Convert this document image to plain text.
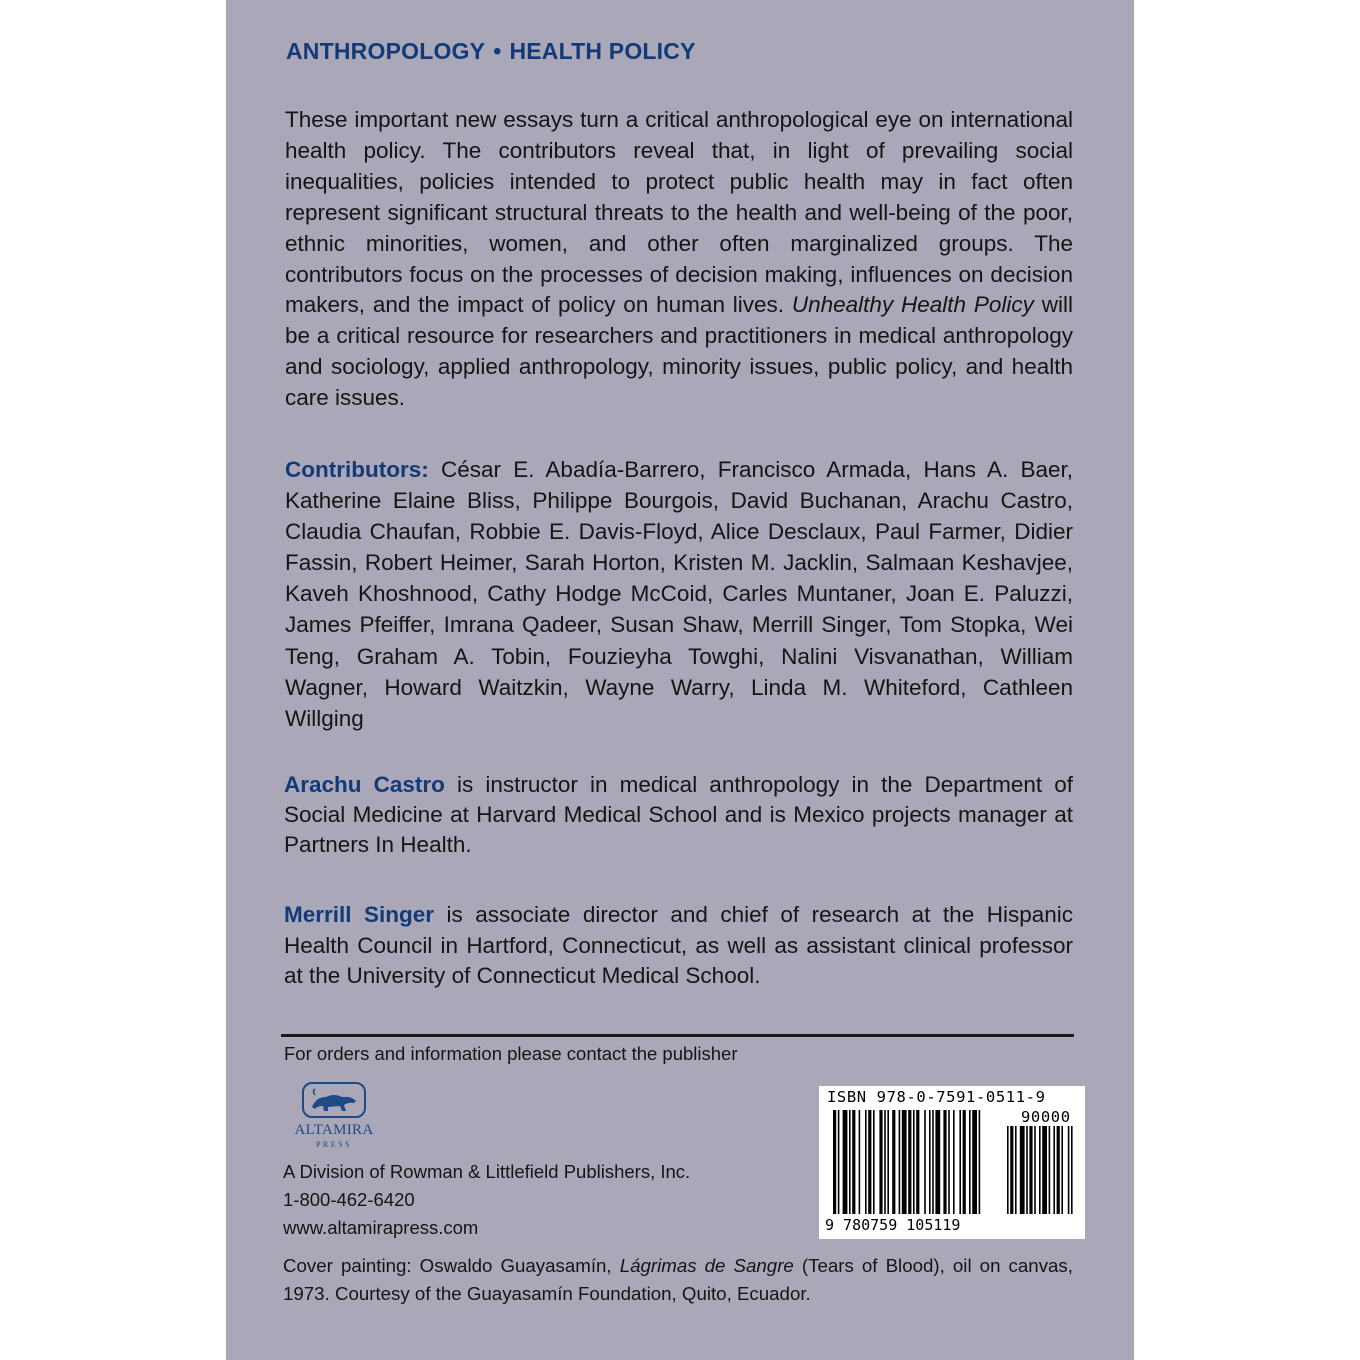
ANTHROPOLOGY • HEALTH POLICY
These important new essays turn a critical anthropological eye on international health policy. The contributors reveal that, in light of prevailing social inequalities, policies intended to protect public health may in fact often represent significant structural threats to the health and well-being of the poor, ethnic minorities, women, and other often marginalized groups. The contributors focus on the processes of decision making, influences on decision makers, and the impact of policy on human lives. Unhealthy Health Policy will be a critical resource for researchers and practitioners in medical anthropology and sociology, applied anthropology, minority issues, public policy, and health care issues.
Contributors: César E. Abadía-Barrero, Francisco Armada, Hans A. Baer, Katherine Elaine Bliss, Philippe Bourgois, David Buchanan, Arachu Castro, Claudia Chaufan, Robbie E. Davis-Floyd, Alice Desclaux, Paul Farmer, Didier Fassin, Robert Heimer, Sarah Horton, Kristen M. Jacklin, Salmaan Keshavjee, Kaveh Khoshnood, Cathy Hodge McCoid, Carles Muntaner, Joan E. Paluzzi, James Pfeiffer, Imrana Qadeer, Susan Shaw, Merrill Singer, Tom Stopka, Wei Teng, Graham A. Tobin, Fouzieyha Towghi, Nalini Visvanathan, William Wagner, Howard Waitzkin, Wayne Warry, Linda M. Whiteford, Cathleen Willging
Arachu Castro is instructor in medical anthropology in the Department of Social Medicine at Harvard Medical School and is Mexico projects manager at Partners In Health.
Merrill Singer is associate director and chief of research at the Hispanic Health Council in Hartford, Connecticut, as well as assistant clinical professor at the University of Connecticut Medical School.
For orders and information please contact the publisher
ALTAMIRA
PRESS
A Division of Rowman & Littlefield Publishers, Inc.
1-800-462-6420
www.altamirapress.com
ISBN 978-0-7591-0511-9
90000
9 780759 105119
Cover painting: Oswaldo Guayasamín, Lágrimas de Sangre (Tears of Blood), oil on canvas, 1973. Courtesy of the Guayasamín Foundation, Quito, Ecuador.
